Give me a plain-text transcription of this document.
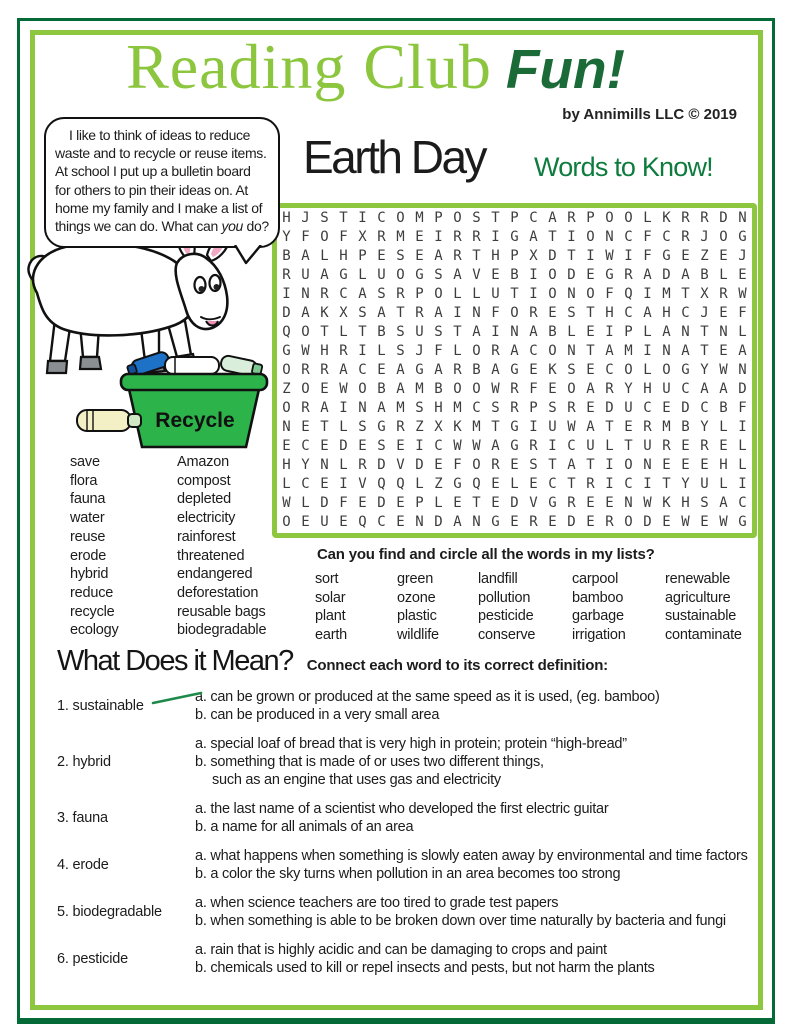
Reading Club Fun!
by Annimills LLC © 2019
Earth Day Words to Know!
I like to think of ideas to reduce waste and to recycle or reuse items. At school I put up a bulletin board for others to pin their ideas on. At home my family and I make a list of things we can do. What can you do?
Recycle
H J S T I C O M P O S T P C A R P O O L K R R D N
Y F O F X R M E I R R I G A T I O N C F C R J O G
B A L H P E S E A R T H P X D T I W I F G E Z E J
R U A G L U O G S A V E B I O D E G R A D A B L E
I N R C A S R P O L L U T I O N O F Q I M T X R W
D A K X S A T R A I N F O R E S T H C A H C J E F
Q O T L T B S U S T A I N A B L E I P L A N T N L
G W H R I L S J F L O R A C O N T A M I N A T E A
O R R A C E A G A R B A G E K S E C O L O G Y W N
Z O E W O B A M B O O W R F E O A R Y H U C A A D
O R A I N A M S H M C S R P S R E D U C E D C B F
N E T L S G R Z X K M T G I U W A T E R M B Y L I
E C E D E S E I C W W A G R I C U L T U R E R E L
H Y N L R D V D E F O R E S T A T I O N E E E H L
L C E I V Q Q L Z G Q E L E C T R I C I T Y U L I
W L D F E D E P L E T E D V G R E E N W K H S A C
O E U E Q C E N D A N G E R E D E R O D E W E W G
save
flora
fauna
water
reuse
erode
hybrid
reduce
recycle
ecology
Amazon
compost
depleted
electricity
rainforest
threatened
endangered
deforestation
reusable bags
biodegradable
Can you find and circle all the words in my lists?
sort
solar
plant
earth
green
ozone
plastic
wildlife
landfill
pollution
pesticide
conserve
carpool
bamboo
garbage
irrigation
renewable
agriculture
sustainable
contaminate
What Does it Mean? Connect each word to its correct definition:
1. sustainable
a. can be grown or produced at the same speed as it is used, (eg. bamboo)
b. can be produced in a very small area
2. hybrid
a. special loaf of bread that is very high in protein; protein “high-bread”
b. something that is made of or uses two different things,
such as an engine that uses gas and electricity
3. fauna
a. the last name of a scientist who developed the first electric guitar
b. a name for all animals of an area
4. erode
a. what happens when something is slowly eaten away by environmental and time factors
b. a color the sky turns when pollution in an area becomes too strong
5. biodegradable
a. when science teachers are too tired to grade test papers
b. when something is able to be broken down over time naturally by bacteria and fungi
6. pesticide
a. rain that is highly acidic and can be damaging to crops and paint
b. chemicals used to kill or repel insects and pests, but not harm the plants
